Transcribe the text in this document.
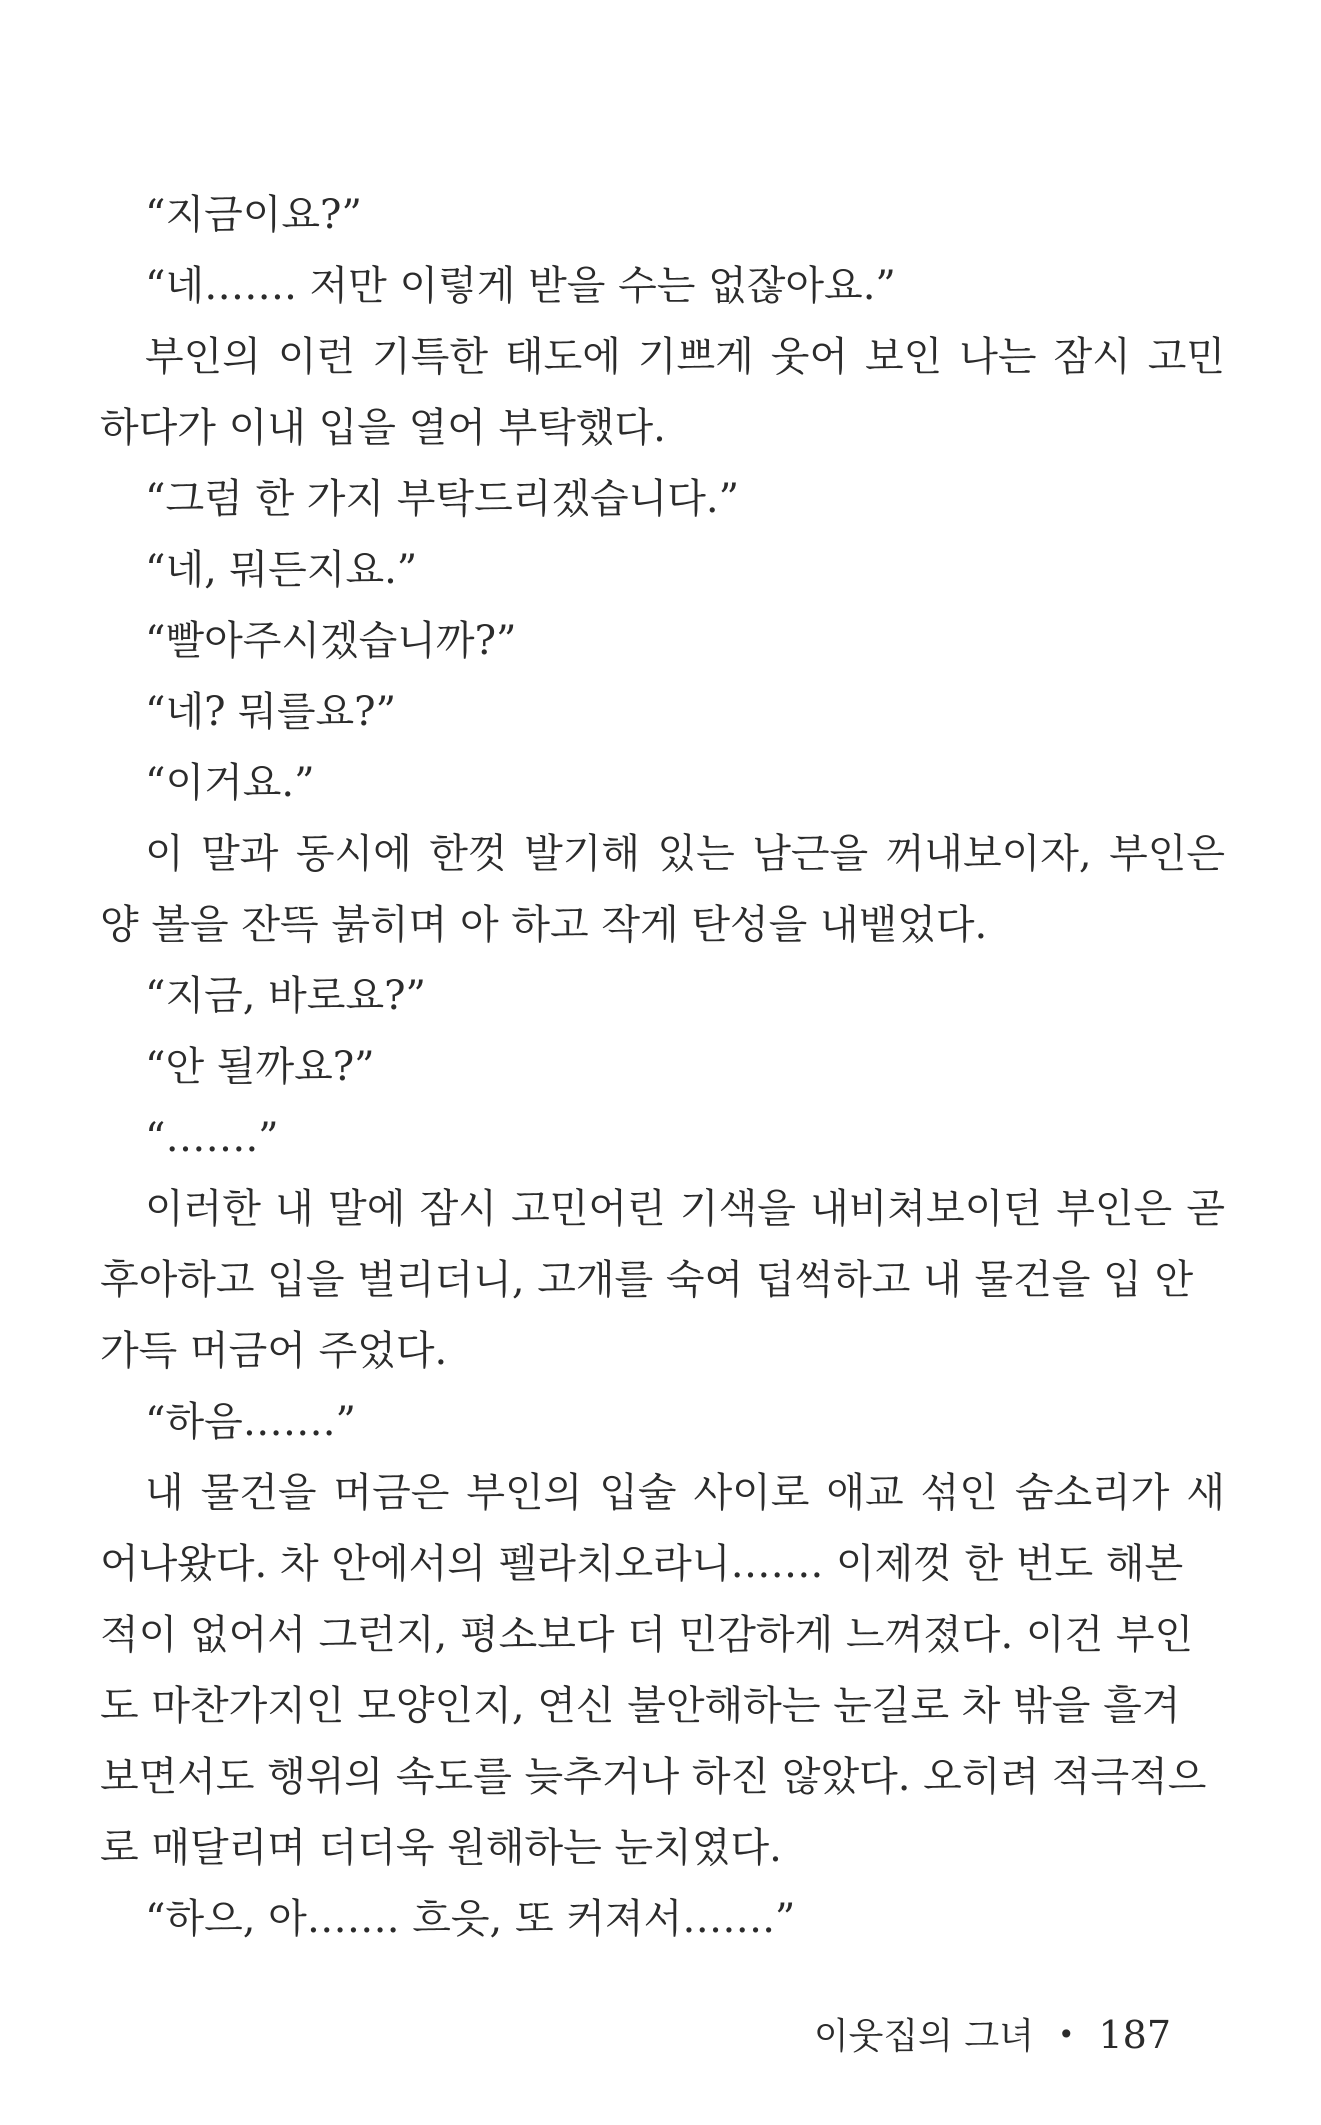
“지금이요?”
“네……. 저만 이렇게 받을 수는 없잖아요.”
부인의 이런 기특한 태도에 기쁘게 웃어 보인 나는 잠시 고민
하다가 이내 입을 열어 부탁했다.
“그럼 한 가지 부탁드리겠습니다.”
“네, 뭐든지요.”
“빨아주시겠습니까?”
“네? 뭐를요?”
“이거요.”
이 말과 동시에 한껏 발기해 있는 남근을 꺼내보이자, 부인은
양 볼을 잔뜩 붉히며 아 하고 작게 탄성을 내뱉었다.
“지금, 바로요?”
“안 될까요?”
“…….”
이러한 내 말에 잠시 고민어린 기색을 내비쳐보이던 부인은 곧
후아하고 입을 벌리더니, 고개를 숙여 덥썩하고 내 물건을 입 안
가득 머금어 주었다.
“하음…….”
내 물건을 머금은 부인의 입술 사이로 애교 섞인 숨소리가 새
어나왔다. 차 안에서의 펠라치오라니……. 이제껏 한 번도 해본
적이 없어서 그런지, 평소보다 더 민감하게 느껴졌다. 이건 부인
도 마찬가지인 모양인지, 연신 불안해하는 눈길로 차 밖을 흘겨
보면서도 행위의 속도를 늦추거나 하진 않았다. 오히려 적극적으
로 매달리며 더더욱 원해하는 눈치였다.
“하으, 아……. 흐읏, 또 커져서…….”
이웃집의 그녀 • 187
